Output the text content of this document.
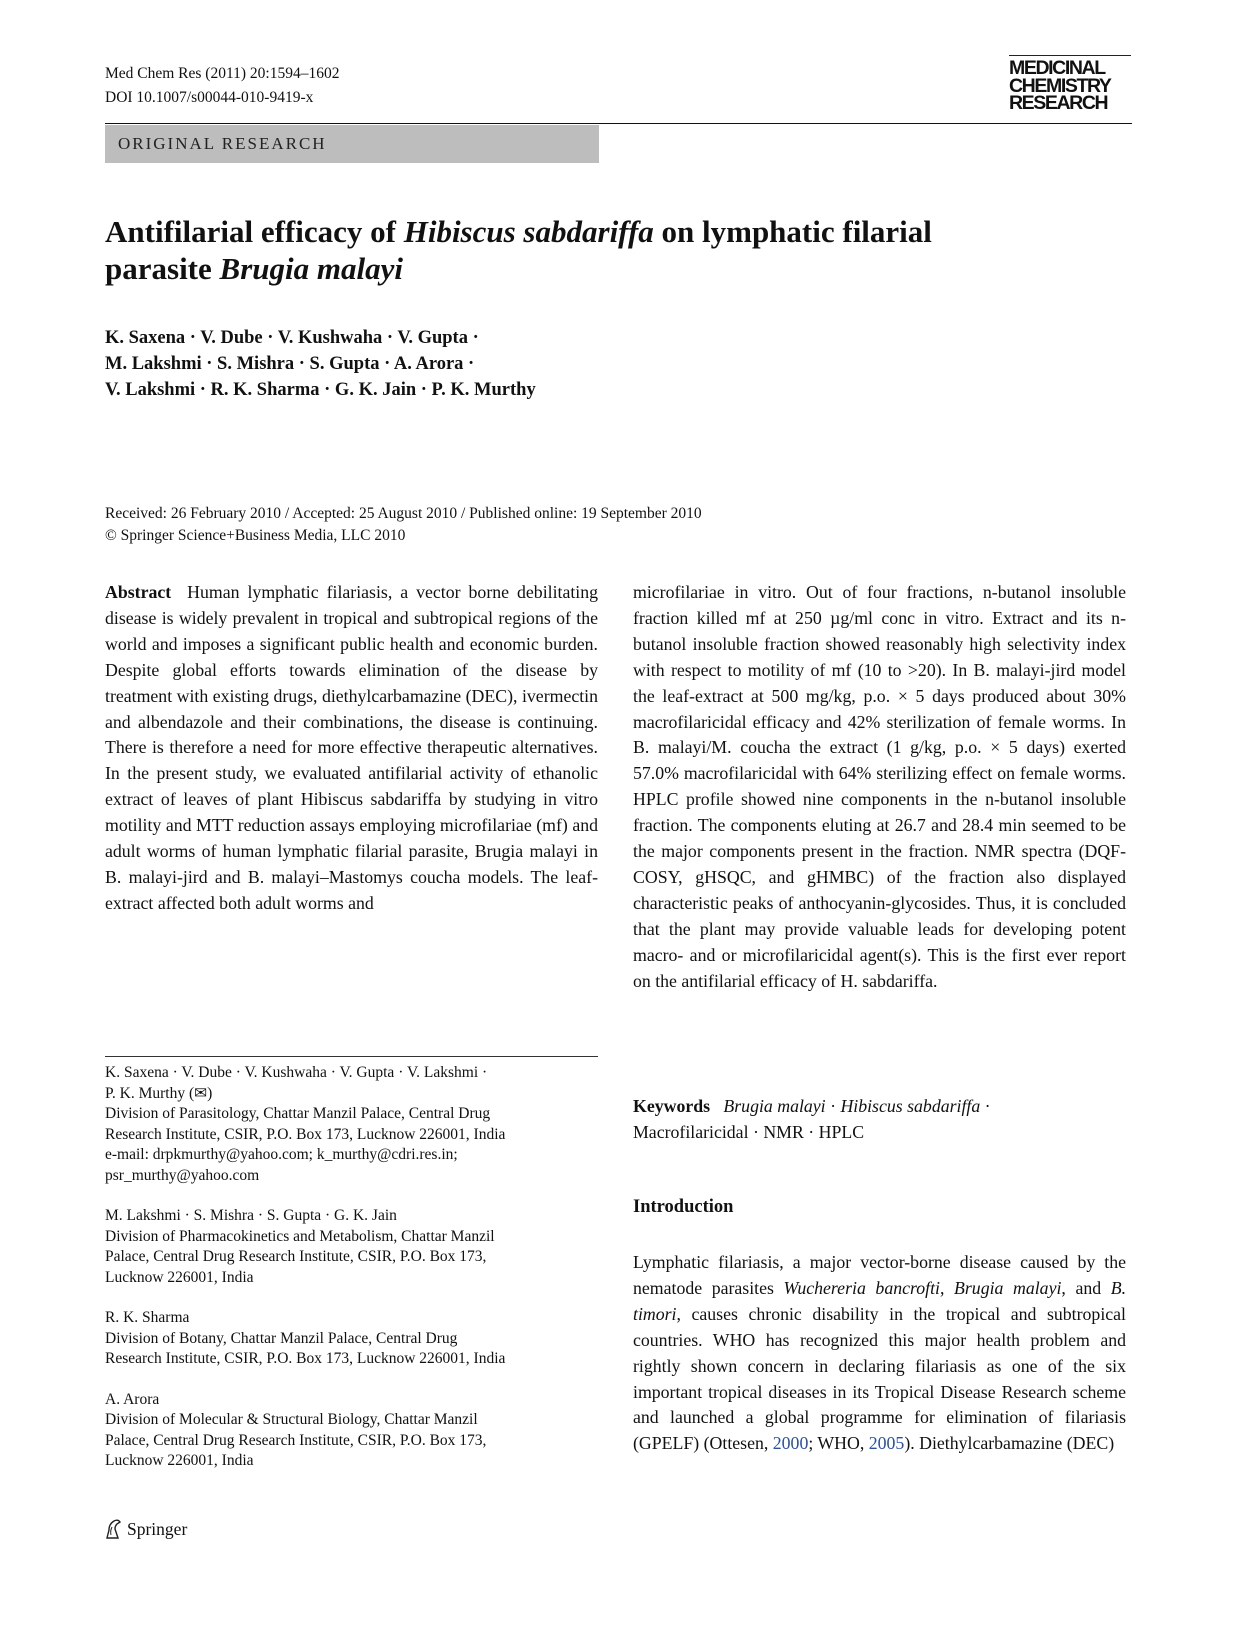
Med Chem Res (2011) 20:1594–1602
DOI 10.1007/s00044-010-9419-x
MEDICINAL
CHEMISTRY
RESEARCH
ORIGINAL RESEARCH
Antifilarial efficacy of Hibiscus sabdariffa on lymphatic filarial
parasite Brugia malayi
K. Saxena · V. Dube · V. Kushwaha · V. Gupta ·
M. Lakshmi · S. Mishra · S. Gupta · A. Arora ·
V. Lakshmi · R. K. Sharma · G. K. Jain · P. K. Murthy
Received: 26 February 2010 / Accepted: 25 August 2010 / Published online: 19 September 2010
© Springer Science+Business Media, LLC 2010

Abstract Human lymphatic filariasis, a vector borne debilitating disease is widely prevalent in tropical and subtropical regions of the world and imposes a significant public health and economic burden. Despite global efforts towards elimination of the disease by treatment with existing drugs, diethylcarbamazine (DEC), ivermectin and albendazole and their combinations, the disease is continuing. There is therefore a need for more effective therapeutic alternatives. In the present study, we evaluated antifilarial activity of ethanolic extract of leaves of plant Hibiscus sabdariffa by studying in vitro motility and MTT reduction assays employing microfilariae (mf) and adult worms of human lymphatic filarial parasite, Brugia malayi in B. malayi-jird and B. malayi–Mastomys coucha models. The leaf-extract affected both adult worms and

microfilariae in vitro. Out of four fractions, n-butanol insoluble fraction killed mf at 250 µg/ml conc in vitro. Extract and its n-butanol insoluble fraction showed reasonably high selectivity index with respect to motility of mf (10 to >20). In B. malayi-jird model the leaf-extract at 500 mg/kg, p.o. × 5 days produced about 30% macrofilaricidal efficacy and 42% sterilization of female worms. In B. malayi/M. coucha the extract (1 g/kg, p.o. × 5 days) exerted 57.0% macrofilaricidal with 64% sterilizing effect on female worms. HPLC profile showed nine components in the n-butanol insoluble fraction. The components eluting at 26.7 and 28.4 min seemed to be the major components present in the fraction. NMR spectra (DQF-COSY, gHSQC, and gHMBC) of the fraction also displayed characteristic peaks of anthocyanin-glycosides. Thus, it is concluded that the plant may provide valuable leads for developing potent macro- and or microfilaricidal agent(s). This is the first ever report on the antifilarial efficacy of H. sabdariffa.

K. Saxena · V. Dube · V. Kushwaha · V. Gupta · V. Lakshmi ·
P. K. Murthy (✉)
Division of Parasitology, Chattar Manzil Palace, Central Drug
Research Institute, CSIR, P.O. Box 173, Lucknow 226001, India
e-mail: drpkmurthy@yahoo.com; k_murthy@cdri.res.in;
psr_murthy@yahoo.com
M. Lakshmi · S. Mishra · S. Gupta · G. K. Jain
Division of Pharmacokinetics and Metabolism, Chattar Manzil
Palace, Central Drug Research Institute, CSIR, P.O. Box 173,
Lucknow 226001, India
R. K. Sharma
Division of Botany, Chattar Manzil Palace, Central Drug
Research Institute, CSIR, P.O. Box 173, Lucknow 226001, India
A. Arora
Division of Molecular & Structural Biology, Chattar Manzil
Palace, Central Drug Research Institute, CSIR, P.O. Box 173,
Lucknow 226001, India
Keywords Brugia malayi · Hibiscus sabdariffa ·
Macrofilaricidal · NMR · HPLC
Introduction

Lymphatic filariasis, a major vector-borne disease caused by the nematode parasites Wuchereria bancrofti, Brugia malayi, and B. timori, causes chronic disability in the tropical and subtropical countries. WHO has recognized this major health problem and rightly shown concern in declaring filariasis as one of the six important tropical diseases in its Tropical Disease Research scheme and launched a global programme for elimination of filariasis (GPELF) (Ottesen, 2000; WHO, 2005). Diethylcarbamazine (DEC)

Springer
